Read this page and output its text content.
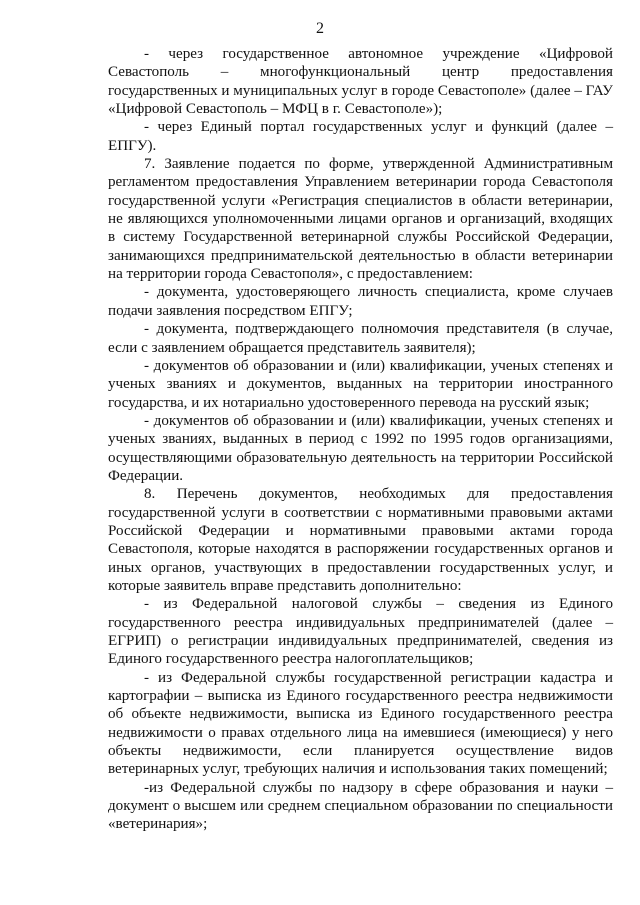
2

- через государственное автономное учреждение «Цифровой Севастополь – многофункциональный центр предоставления государственных и муниципальных услуг в городе Севастополе» (далее – ГАУ «Цифровой Севастополь – МФЦ в г. Севастополе»);

- через Единый портал государственных услуг и функций (далее – ЕПГУ).

7. Заявление подается по форме, утвержденной Административным регламентом предоставления Управлением ветеринарии города Севастополя государственной услуги «Регистрация специалистов в области ветеринарии, не являющихся уполномоченными лицами органов и организаций, входящих в систему Государственной ветеринарной службы Российской Федерации, занимающихся предпринимательской деятельностью в области ветеринарии на территории города Севастополя», с предоставлением:

- документа, удостоверяющего личность специалиста, кроме случаев подачи заявления посредством ЕПГУ;

- документа, подтверждающего полномочия представителя (в случае, если с заявлением обращается представитель заявителя);

- документов об образовании и (или) квалификации, ученых степенях и ученых званиях и документов, выданных на территории иностранного государства, и их нотариально удостоверенного перевода на русский язык;

- документов об образовании и (или) квалификации, ученых степенях и ученых званиях, выданных в период с 1992 по 1995 годов организациями, осуществляющими образовательную деятельность на территории Российской Федерации.

8. Перечень документов, необходимых для предоставления государственной услуги в соответствии с нормативными правовыми актами Российской Федерации и нормативными правовыми актами города Севастополя, которые находятся в распоряжении государственных органов и иных органов, участвующих в предоставлении государственных услуг, и которые заявитель вправе представить дополнительно:

- из Федеральной налоговой службы – сведения из Единого государственного реестра индивидуальных предпринимателей (далее – ЕГРИП) о регистрации индивидуальных предпринимателей, сведения из Единого государственного реестра налогоплательщиков;

- из Федеральной службы государственной регистрации кадастра и картографии – выписка из Единого государственного реестра недвижимости об объекте недвижимости, выписка из Единого государственного реестра недвижимости о правах отдельного лица на имевшиеся (имеющиеся) у него объекты недвижимости, если планируется осуществление видов ветеринарных услуг, требующих наличия и использования таких помещений;

-из Федеральной службы по надзору в сфере образования и науки – документ о высшем или среднем специальном образовании по специальности «ветеринария»;
